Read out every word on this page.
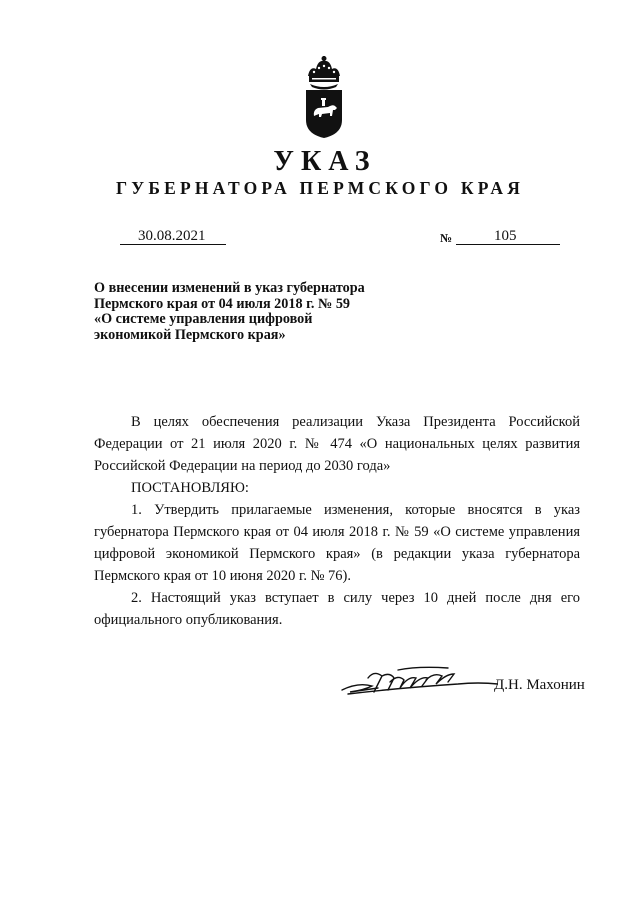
УКАЗ
ГУБЕРНАТОРА ПЕРМСКОГО КРАЯ
30.08.2021	№	105
О внесении изменений в указ губернатора
Пермского края от 04 июля 2018 г. № 59
«О системе управления цифровой
экономикой Пермского края»

В целях обеспечения реализации Указа Президента Российской Федерации от 21 июля 2020 г. № 474 «О национальных целях развития Российской Федерации на период до 2030 года»

ПОСТАНОВЛЯЮ:

1. Утвердить прилагаемые изменения, которые вносятся в указ губернатора Пермского края от 04 июля 2018 г. № 59 «О системе управления цифровой экономикой Пермского края» (в редакции указа губернатора Пермского края от 10 июня 2020 г. № 76).

2. Настоящий указ вступает в силу через 10 дней после дня его официального опубликования.

Д.Н. Махонин
